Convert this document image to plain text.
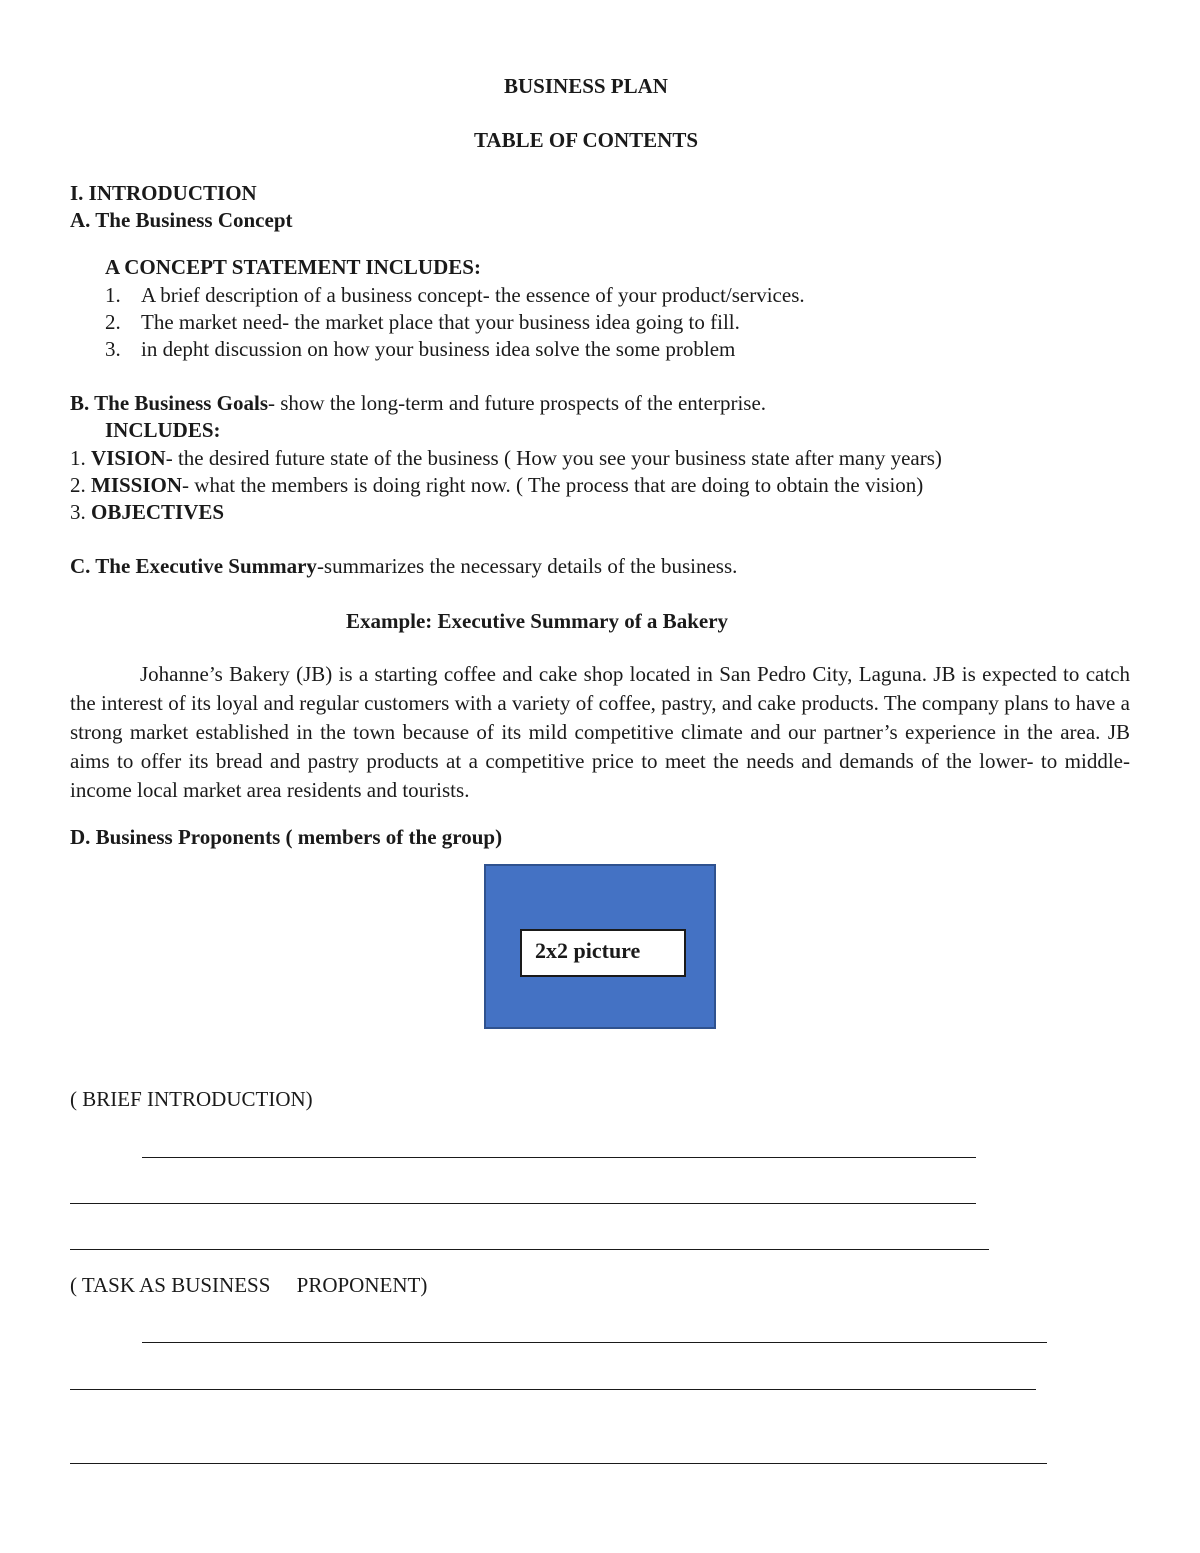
BUSINESS PLAN
TABLE OF CONTENTS
I. INTRODUCTION
A. The Business Concept
A CONCEPT STATEMENT INCLUDES:
1. A brief description of a business concept- the essence of your product/services.
2. The market need- the market place that your business idea going to fill.
3. in depht discussion on how your business idea solve the some problem
B. The Business Goals- show the long-term and future prospects of the enterprise.
INCLUDES:
1. VISION- the desired future state of the business ( How you see your business state after many years)
2. MISSION- what the members is doing right now. ( The process that are doing to obtain the vision)
3. OBJECTIVES
C. The Executive Summary-summarizes the necessary details of the business.
Example: Executive Summary of a Bakery
Johanne’s Bakery (JB) is a starting coffee and cake shop located in San Pedro City, Laguna. JB is expected to catch the interest of its loyal and regular customers with a variety of coffee, pastry, and cake products. The company plans to have a strong market established in the town because of its mild competitive climate and our partner’s experience in the area. JB aims to offer its bread and pastry products at a competitive price to meet the needs and demands of the lower- to middle-income local market area residents and tourists.
D. Business Proponents ( members of the group)
2x2 picture
( BRIEF INTRODUCTION)
( TASK AS BUSINESS     PROPONENT)
